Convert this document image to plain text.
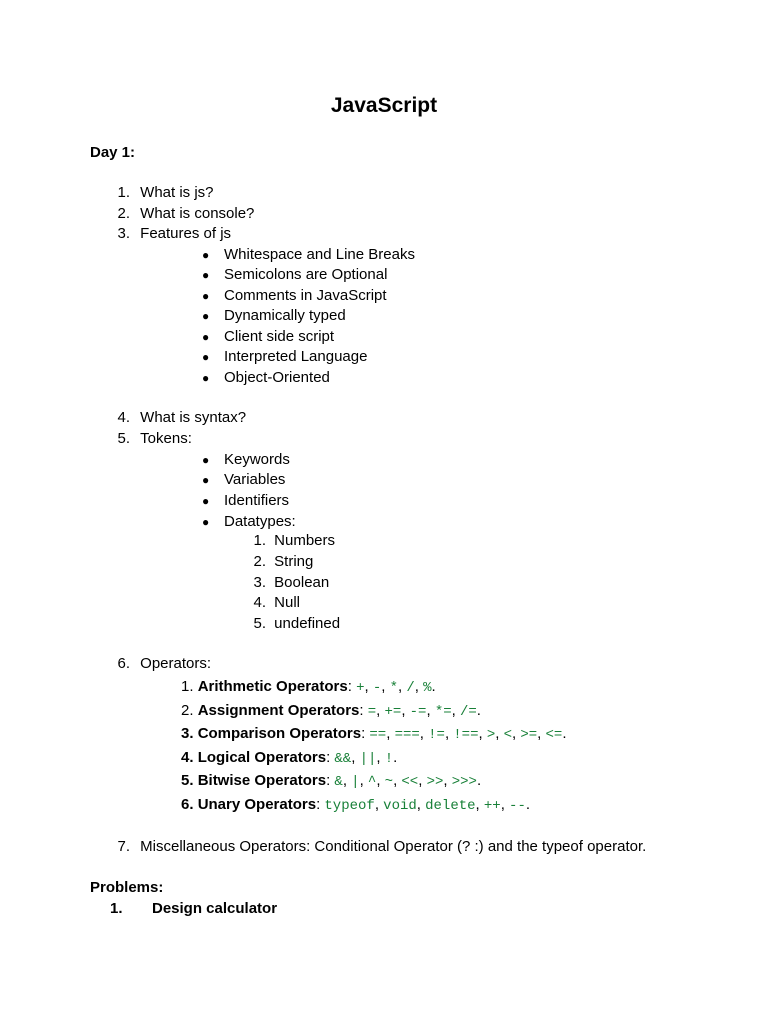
JavaScript
Day 1:
1. What is js?
2. What is console?
3. Features of js
● Whitespace and Line Breaks
● Semicolons are Optional
● Comments in JavaScript
● Dynamically typed
● Client side script
● Interpreted Language
● Object-Oriented
4. What is syntax?
5. Tokens:
● Keywords
● Variables
● Identifiers
● Datatypes:
1. Numbers
2. String
3. Boolean
4. Null
5. undefined
6. Operators:
1. Arithmetic Operators: +, -, *, /, %.
2. Assignment Operators: =, +=, -=, *=, /=.
3. Comparison Operators: ==, ===, !=, !==, >, <, >=, <=.
4. Logical Operators: &&, ||, !.
5. Bitwise Operators: &, |, ^, ~, <<, >>, >>>.
6. Unary Operators: typeof, void, delete, ++, --.
7. Miscellaneous Operators: Conditional Operator (? :) and the typeof operator.
Problems:
1. Design calculator
